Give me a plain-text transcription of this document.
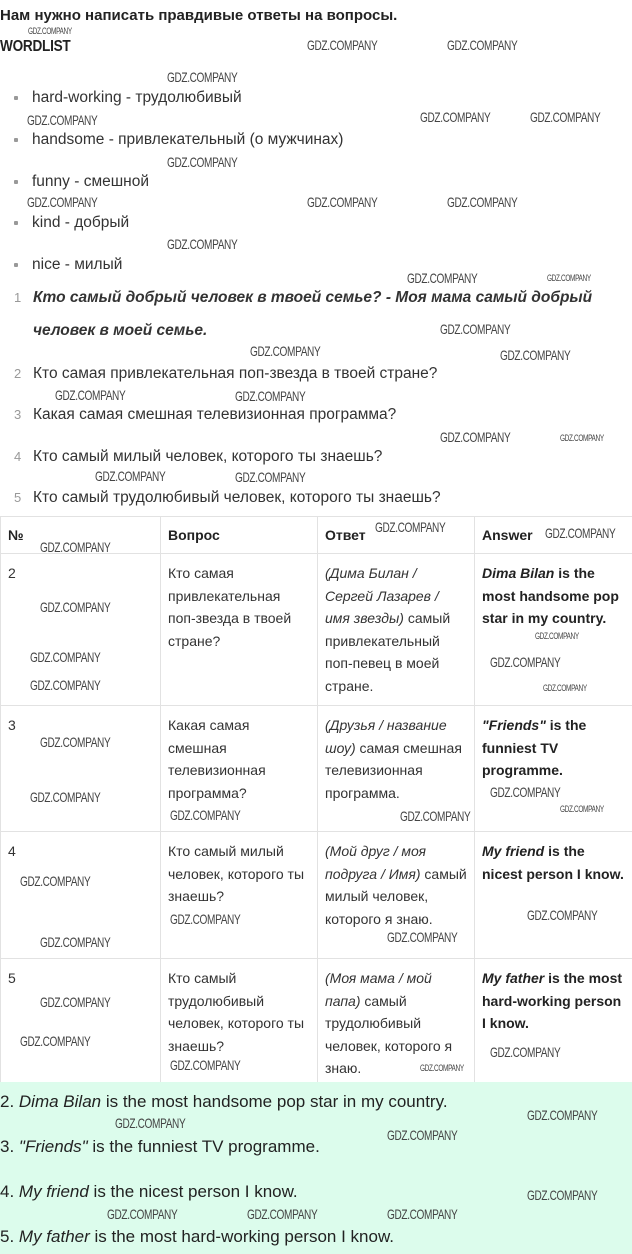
Нам нужно написать правдивые ответы на вопросы.
WORDLIST
hard-working - трудолюбивый
handsome - привлекательный (о мужчинах)
funny - смешной
kind - добрый
nice - милый
1 Кто самый добрый человек в твоей семье? - Моя мама самый добрый
человек в моей семье.
2 Кто самая привлекательная поп-звезда в твоей стране?
3 Какая самая смешная телевизионная программа?
4 Кто самый милый человек, которого ты знаешь?
5 Кто самый трудолюбивый человек, которого ты знаешь?
№	Вопрос	Ответ	Answer
2	Кто самая привлекательная поп-звезда в твоей стране?	(Дима Билан / Сергей Лазарев / имя звезды) самый привлекательный поп-певец в моей стране.	Dima Bilan is the most handsome pop star in my country.
3	Какая самая смешная телевизионная программа?	(Друзья / название шоу) самая смешная телевизионная программа.	"Friends" is the funniest TV programme.
4	Кто самый милый человек, которого ты знаешь?	(Мой друг / моя подруга / Имя) самый милый человек, которого я знаю.	My friend is the nicest person I know.
5	Кто самый трудолюбивый человек, которого ты знаешь?	(Моя мама / мой папа) самый трудолюбивый человек, которого я знаю.	My father is the most hard-working person I know.
2. Dima Bilan is the most handsome pop star in my country.
3. "Friends" is the funniest TV programme.
4. My friend is the nicest person I know.
5. My father is the most hard-working person I know.
GDZ.COMPANY
GDZ.COMPANY	GDZ.COMPANY
GDZ.COMPANY
GDZ.COMPANY	GDZ.COMPANY	GDZ.COMPANY
GDZ.COMPANY
GDZ.COMPANY	GDZ.COMPANY	GDZ.COMPANY
GDZ.COMPANY
GDZ.COMPANY	GDZ.COMPANY
GDZ.COMPANY
GDZ.COMPANY	GDZ.COMPANY
GDZ.COMPANY	GDZ.COMPANY
GDZ.COMPANY	GDZ.COMPANY
GDZ.COMPANY	GDZ.COMPANY
GDZ.COMPANY	GDZ.COMPANY
GDZ.COMPANY
GDZ.COMPANY
GDZ.COMPANY
GDZ.COMPANY	GDZ.COMPANY
GDZ.COMPANY	GDZ.COMPANY
GDZ.COMPANY
GDZ.COMPANY
GDZ.COMPANY
GDZ.COMPANY
GDZ.COMPANY	GDZ.COMPANY
GDZ.COMPANY
GDZ.COMPANY	GDZ.COMPANY
GDZ.COMPANY
GDZ.COMPANY
GDZ.COMPANY
GDZ.COMPANY
GDZ.COMPANY
GDZ.COMPANY
GDZ.COMPANY
GDZ.COMPANY
GDZ.COMPANY
GDZ.COMPANY
GDZ.COMPANY
GDZ.COMPANY	GDZ.COMPANY	GDZ.COMPANY
